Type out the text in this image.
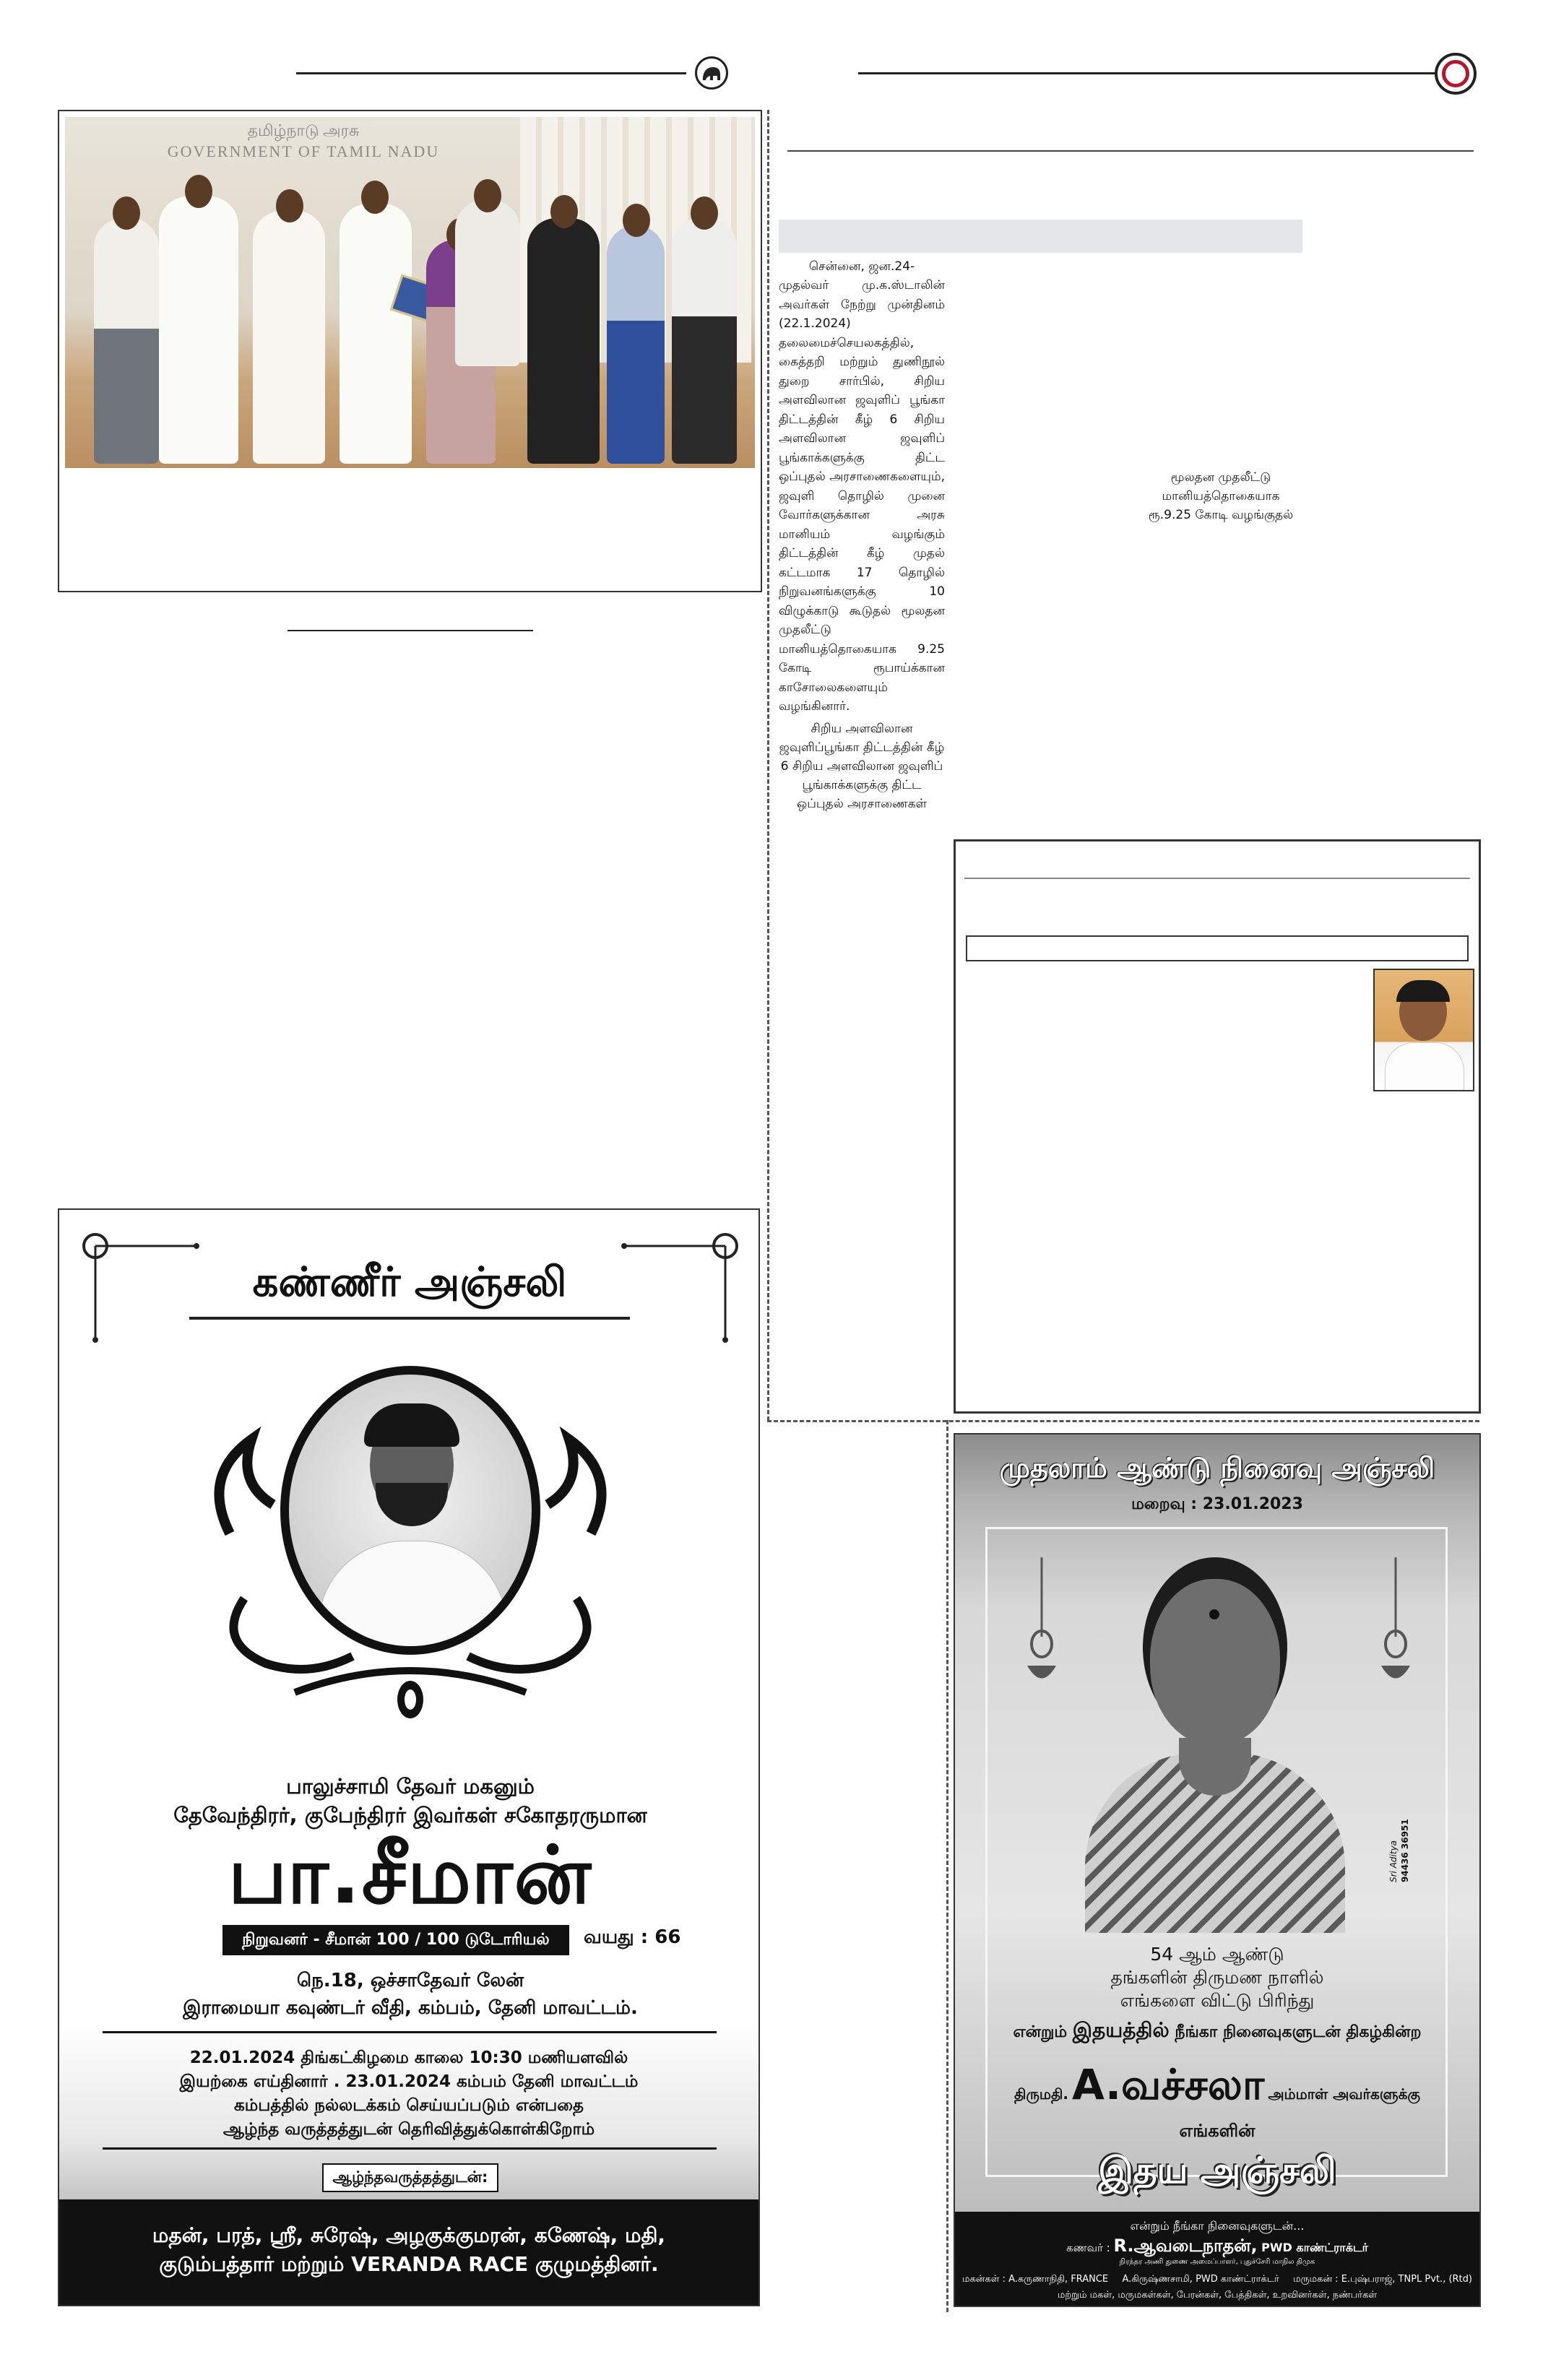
தமிழ்நாடு அரசு
GOVERNMENT OF TAMIL NADU
சென்னை, ஜன.24-
முதல்வர் மு.க.ஸ்டாலின் அவர்கள் நேற்று முன்தினம் (22.1.2024) தலைமைச்செயலகத்தில், கைத்தறி மற்றும் துணிநூல் துறை சார்பில், சிறிய அளவிலான ஜவுளிப் பூங்கா திட்டத்தின் கீழ் 6 சிறிய அளவிலான ஜவுளிப் பூங்காக்களுக்கு திட்ட ஒப்புதல் அரசாணைகளையும், ஜவுளி தொழில் முனை வோர்களுக்கான அரசு மானியம் வழங்கும் திட்டத்தின் கீழ் முதல் கட்டமாக 17 தொழில் நிறுவனங்களுக்கு 10 விழுக்காடு கூடுதல் மூலதன முதலீட்டு மானியத்தொகையாக 9.25 கோடி ரூபாய்க்கான காசோலைகளையும் வழங்கினார்.
சிறிய அளவிலான ஜவுளிப்பூங்கா திட்டத்தின் கீழ் 6 சிறிய அளவிலான ஜவுளிப் பூங்காக்களுக்கு திட்ட ஒப்புதல் அரசாணைகள்
மூலதன முதலீட்டு
மானியத்தொகையாக
ரூ.9.25 கோடி வழங்குதல்
கண்ணீர் அஞ்சலி
பாலுச்சாமி தேவர் மகனும்
தேவேந்திரர், குபேந்திரர் இவர்கள் சகோதரருமான
பா.சீமான்
நிறுவனர் - சீமான் 100 / 100 டுடோரியல்	வயது : 66
நெ.18, ஒச்சாதேவர் லேன்
இராமையா கவுண்டர் வீதி, கம்பம், தேனி மாவட்டம்.
22.01.2024 திங்கட்கிழமை காலை 10:30 மணியளவில்
இயற்கை எய்தினார் . 23.01.2024 கம்பம் தேனி மாவட்டம்
கம்பத்தில் நல்லடக்கம் செய்யப்படும் என்பதை
ஆழ்ந்த வருத்தத்துடன் தெரிவித்துக்கொள்கிறோம்
ஆழ்ந்தவருத்தத்துடன்:
மதன், பரத், ஸ்ரீ, சுரேஷ், அழகுக்குமரன், கணேஷ், மதி,
குடும்பத்தார் மற்றும் VERANDA RACE குழுமத்தினர்.
முதலாம் ஆண்டு நினைவு அஞ்சலி
மறைவு : 23.01.2023
Sri Aditya 94436 36951
54 ஆம் ஆண்டு
தங்களின் திருமண நாளில்
எங்களை விட்டு பிரிந்து
என்றும் இதயத்தில் நீங்கா நினைவுகளுடன் திகழ்கின்ற
திருமதி. A.வச்சலா அம்மாள் அவர்களுக்கு
எங்களின்
இதய அஞ்சலி
என்றும் நீங்கா நினைவுகளுடன்...
கணவர் : R.ஆவடைநாதன், PWD காண்ட்ராக்டர்
நிரந்தர அணி துணை அமைப்பாளர், புதுச்சேரி மாநில திமுக
மகன்கள் : A.கருணாநிதி, FRANCE A.கிருஷ்ணசாமி, PWD காண்ட்ராக்டர் மருமகன் : E.புஷ்பராஜ், TNPL Pvt., (Rtd)
மற்றும் மகள், மருமகள்கள், பேரன்கள், பேத்திகள், உறவினர்கள், நண்பர்கள்
